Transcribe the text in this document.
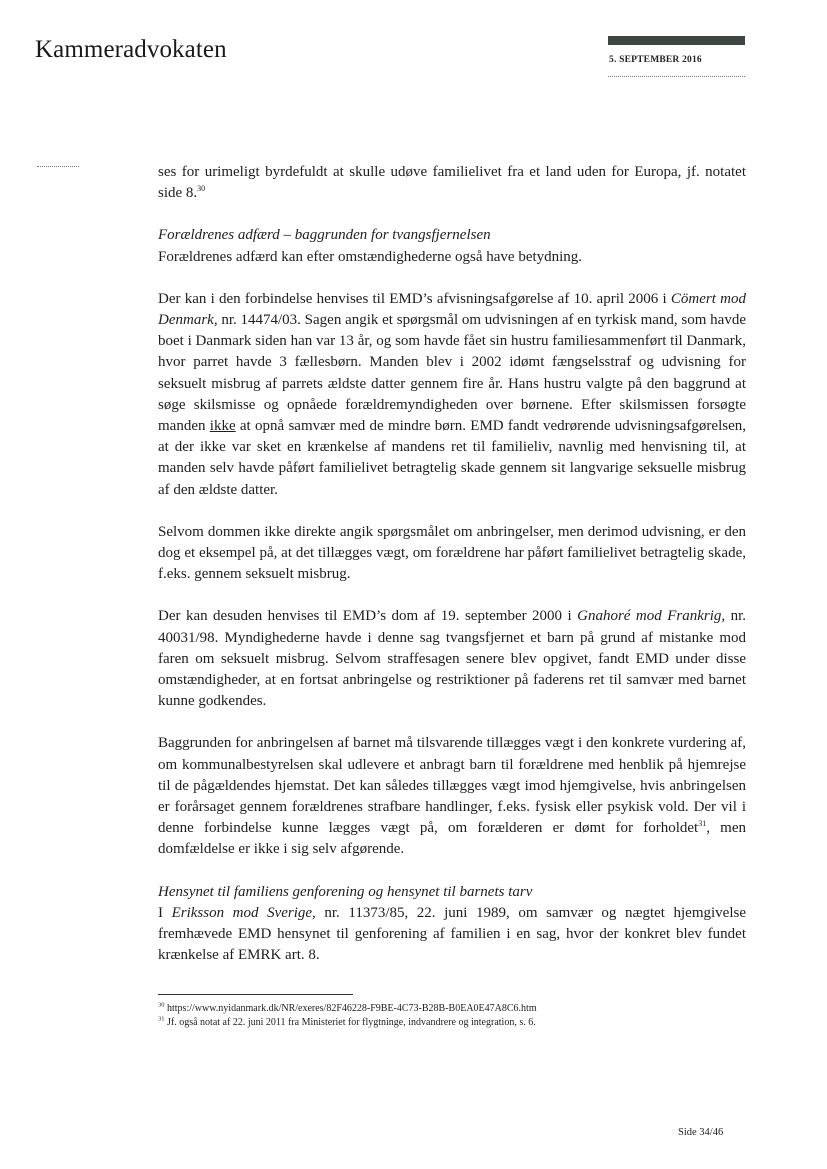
Kammeradvokaten	5. SEPTEMBER 2016

ses for urimeligt byrdefuldt at skulle udøve familielivet fra et land uden for Europa, jf. notatet side 8.30

Forældrenes adfærd – baggrunden for tvangsfjernelsen

Forældrenes adfærd kan efter omstændighederne også have betydning.

Der kan i den forbindelse henvises til EMD’s afvisningsafgørelse af 10. april 2006 i Cömert mod Denmark, nr. 14474/03. Sagen angik et spørgsmål om udvisningen af en tyrkisk mand, som havde boet i Danmark siden han var 13 år, og som havde fået sin hustru familiesammenført til Danmark, hvor parret havde 3 fællesbørn. Manden blev i 2002 idømt fængselsstraf og udvisning for seksuelt misbrug af parrets ældste datter gennem fire år. Hans hustru valgte på den baggrund at søge skilsmisse og opnåede forældremyndigheden over børnene. Efter skilsmissen forsøgte manden ikke at opnå samvær med de mindre børn. EMD fandt vedrørende udvisningsafgørelsen, at der ikke var sket en krænkelse af mandens ret til familieliv, navnlig med henvisning til, at manden selv havde påført familielivet betragtelig skade gennem sit langvarige seksuelle misbrug af den ældste datter.

Selvom dommen ikke direkte angik spørgsmålet om anbringelser, men derimod udvisning, er den dog et eksempel på, at det tillægges vægt, om forældrene har påført familielivet betragtelig skade, f.eks. gennem seksuelt misbrug.

Der kan desuden henvises til EMD’s dom af 19. september 2000 i Gnahoré mod Frankrig, nr. 40031/98. Myndighederne havde i denne sag tvangsfjernet et barn på grund af mistanke mod faren om seksuelt misbrug. Selvom straffesagen senere blev opgivet, fandt EMD under disse omstændigheder, at en fortsat anbringelse og restriktioner på faderens ret til samvær med barnet kunne godkendes.

Baggrunden for anbringelsen af barnet må tilsvarende tillægges vægt i den konkrete vurdering af, om kommunalbestyrelsen skal udlevere et anbragt barn til forældrene med henblik på hjemrejse til de pågældendes hjemstat. Det kan således tillægges vægt imod hjemgivelse, hvis anbringelsen er forårsaget gennem forældrenes strafbare handlinger, f.eks. fysisk eller psykisk vold. Der vil i denne forbindelse kunne lægges vægt på, om forælderen er dømt for forholdet$^{31}$, men domfældelse er ikke i sig selv afgørende.

Hensynet til familiens genforening og hensynet til barnets tarv

I Eriksson mod Sverige, nr. 11373/85, 22. juni 1989, om samvær og nægtet hjemgivelse fremhævede EMD hensynet til genforening af familien i en sag, hvor der konkret blev fundet krænkelse af EMRK art. 8.

$^{30}$ https://www.nyidanmark.dk/NR/exeres/82F46228-F9BE-4C73-B28B-B0EA0E47A8C6.htm
$^{31}$ Jf. også notat af 22. juni 2011 fra Ministeriet for flygtninge, indvandrere og integration, s. 6.
Side 34/46
